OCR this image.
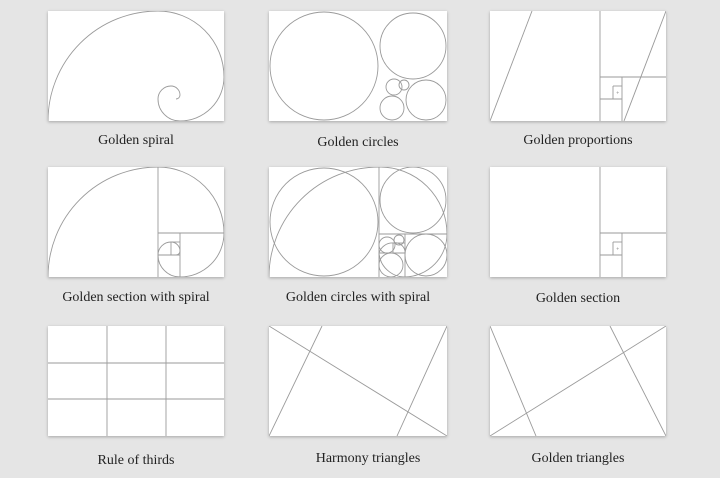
Golden spiral	Golden circles
+
Golden proportions
Golden section with spiral	Golden circles with spiral
+
Golden section
Rule of thirds	Harmony triangles	Golden triangles
